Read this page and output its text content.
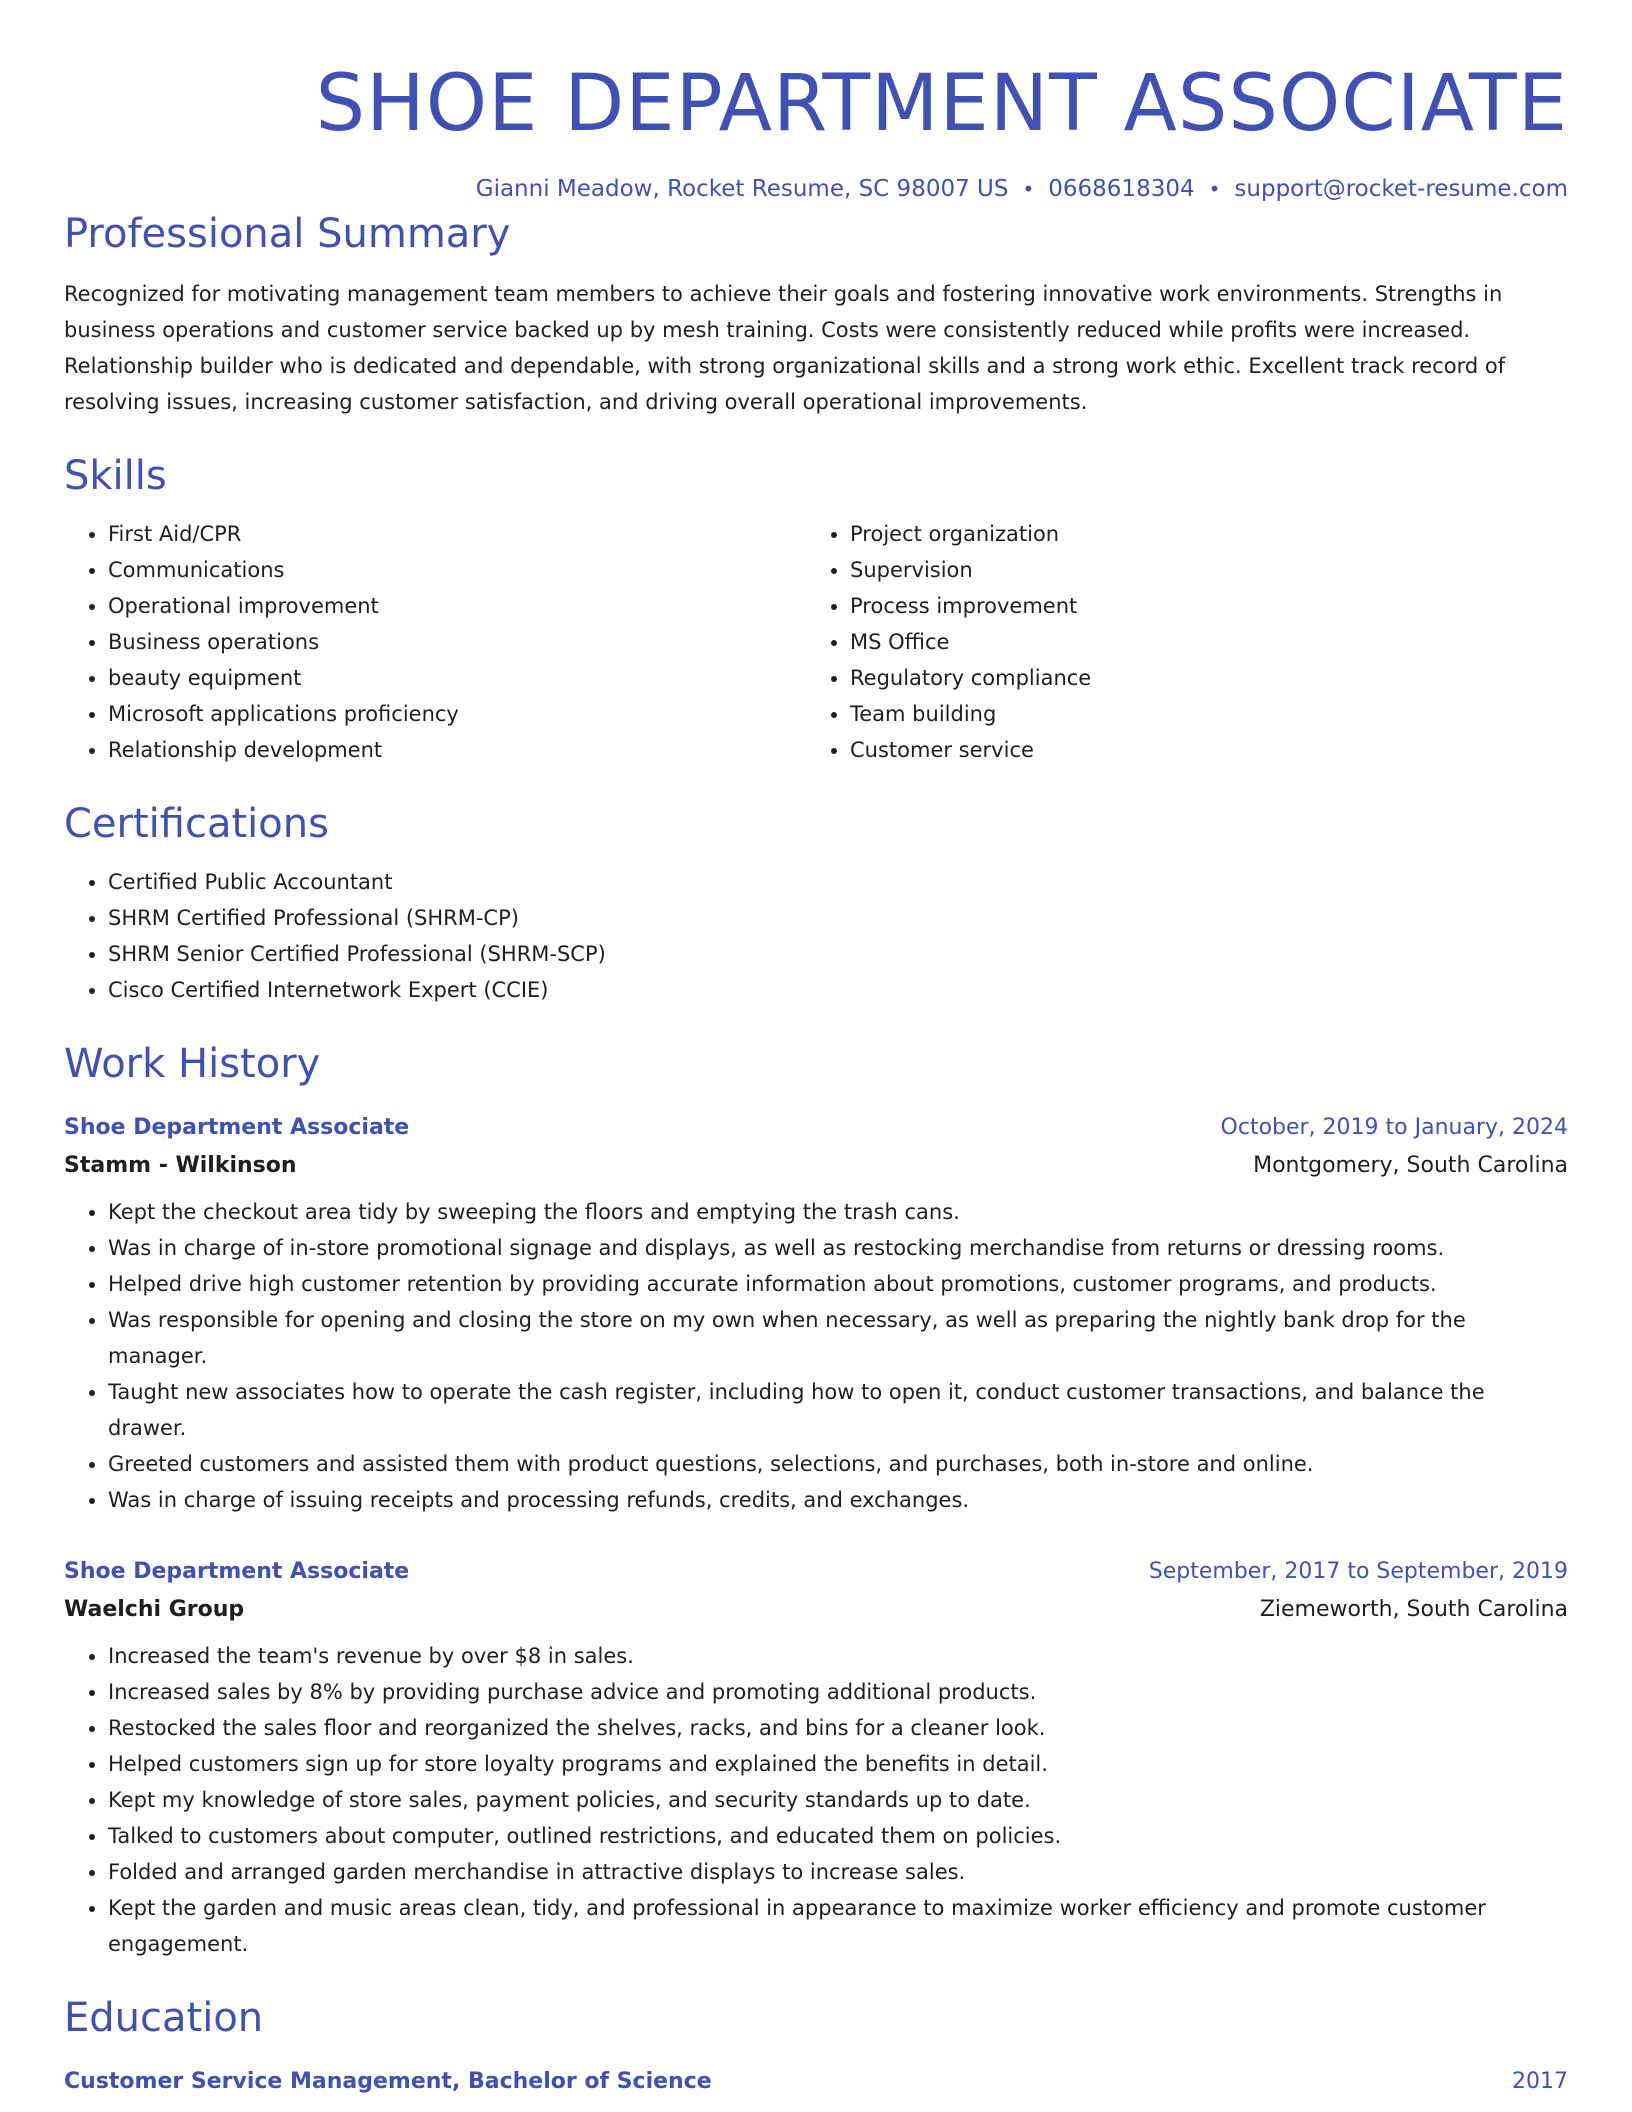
SHOE DEPARTMENT ASSOCIATE
Gianni Meadow, Rocket Resume, SC 98007 US • 0668618304 • support@rocket-resume.com
Professional Summary
Recognized for motivating management team members to achieve their goals and fostering innovative work environments. Strengths in business operations and customer service backed up by mesh training. Costs were consistently reduced while profits were increased. Relationship builder who is dedicated and dependable, with strong organizational skills and a strong work ethic. Excellent track record of resolving issues, increasing customer satisfaction, and driving overall operational improvements.
Skills
• First Aid/CPR
• Communications
• Operational improvement
• Business operations
• beauty equipment
• Microsoft applications proficiency
• Relationship development
• Project organization
• Supervision
• Process improvement
• MS Office
• Regulatory compliance
• Team building
• Customer service
Certifications
• Certified Public Accountant
• SHRM Certified Professional (SHRM-CP)
• SHRM Senior Certified Professional (SHRM-SCP)
• Cisco Certified Internetwork Expert (CCIE)
Work History
Shoe Department Associate	October, 2019 to January, 2024
Stamm - Wilkinson	Montgomery, South Carolina
• Kept the checkout area tidy by sweeping the floors and emptying the trash cans.
• Was in charge of in-store promotional signage and displays, as well as restocking merchandise from returns or dressing rooms.
• Helped drive high customer retention by providing accurate information about promotions, customer programs, and products.
• Was responsible for opening and closing the store on my own when necessary, as well as preparing the nightly bank drop for the manager.
• Taught new associates how to operate the cash register, including how to open it, conduct customer transactions, and balance the drawer.
• Greeted customers and assisted them with product questions, selections, and purchases, both in-store and online.
• Was in charge of issuing receipts and processing refunds, credits, and exchanges.
Shoe Department Associate	September, 2017 to September, 2019
Waelchi Group	Ziemeworth, South Carolina
• Increased the team's revenue by over $8 in sales.
• Increased sales by 8% by providing purchase advice and promoting additional products.
• Restocked the sales floor and reorganized the shelves, racks, and bins for a cleaner look.
• Helped customers sign up for store loyalty programs and explained the benefits in detail.
• Kept my knowledge of store sales, payment policies, and security standards up to date.
• Talked to customers about computer, outlined restrictions, and educated them on policies.
• Folded and arranged garden merchandise in attractive displays to increase sales.
• Kept the garden and music areas clean, tidy, and professional in appearance to maximize worker efficiency and promote customer engagement.
Education
Customer Service Management, Bachelor of Science	2017
